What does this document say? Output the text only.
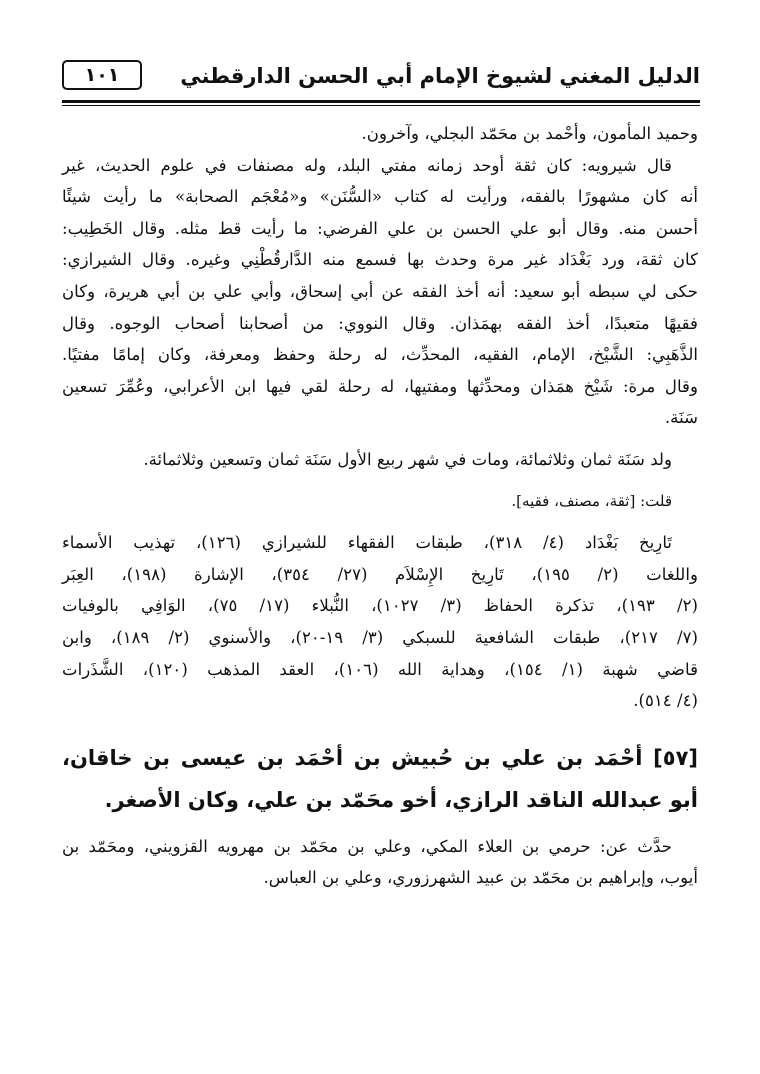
الدليل المغني لشيوخ الإمام أبي الحسن الدارقطني
١٠١
وحميد المأمون، وأحْمد بن محَمّد البجلي، وآخرون.
قال شيرويه: كان ثقة أوحد زمانه مفتي البلد، وله مصنفات في علوم الحديث، غير
أنه كان مشهورًا بالفقه، ورأيت له كتاب «السُّنَن» و«مُعْجَم الصحابة» ما رأيت شيئًا
أحسن منه. وقال أبو علي الحسن بن علي الفرضي: ما رأيت قط مثله. وقال الخَطِيب:
كان ثقة، ورد بَغْدَاد غير مرة وحدث بها فسمع منه الدَّارقُطْنِي وغيره. وقال الشيرازي:
حكى لي سبطه أبو سعيد: أنه أخذ الفقه عن أبي إسحاق، وأبي علي بن أبي هريرة، وكان
فقيهًا متعبدًا، أخذ الفقه بهمَذان. وقال النووي: من أصحابنا أصحاب الوجوه. وقال
الذَّهَبِي: الشَّيْخ، الإمام، الفقيه، المحدِّث، له رحلة وحفظ ومعرفة، وكان إمامًا مفتيًا.
وقال مرة: شَيْخ همَذان ومحدِّثها ومفتيها، له رحلة لقي فيها ابن الأعرابي، وعُمِّرَ تسعين
سَنَة.
ولد سَنَة ثمان وثلاثمائة، ومات في شهر ربيع الأول سَنَة ثمان وتسعين وثلاثمائة.
قلت: [ثقة، مصنف، فقيه].
تَارِيخ بَغْدَاد (٤/ ٣١٨)، طبقات الفقهاء للشيرازي (١٢٦)، تهذيب الأسماء
واللغات (٢/ ١٩٥)، تَارِيخ الإِسْلاَم (٢٧/ ٣٥٤)، الإشارة (١٩٨)، العِبَر
(٢/ ١٩٣)، تذكرة الحفاظ (٣/ ١٠٢٧)، النُّبلاء (١٧/ ٧٥)، الوَافِي بالوفيات
(٧/ ٢١٧)، طبقات الشافعية للسبكي (٣/ ١٩-٢٠)، والأسنوي (٢/ ١٨٩)، وابن
قاضي شهبة (١/ ١٥٤)، وهداية الله (١٠٦)، العقد المذهب (١٢٠)، الشَّذَرات
(٤/ ٥١٤).
[٥٧] أحْمَد بن علي بن حُبيش بن أحْمَد بن عيسى بن خاقان،
أبو عبدالله الناقد الرازي، أخو محَمّد بن علي، وكان الأصغر.
حدَّث عن: حرمي بن العلاء المكي، وعلي بن محَمّد بن مهرويه القزويني، ومحَمّد بن
أيوب، وإبراهيم بن محَمّد بن عبيد الشهرزوري، وعلي بن العباس.
